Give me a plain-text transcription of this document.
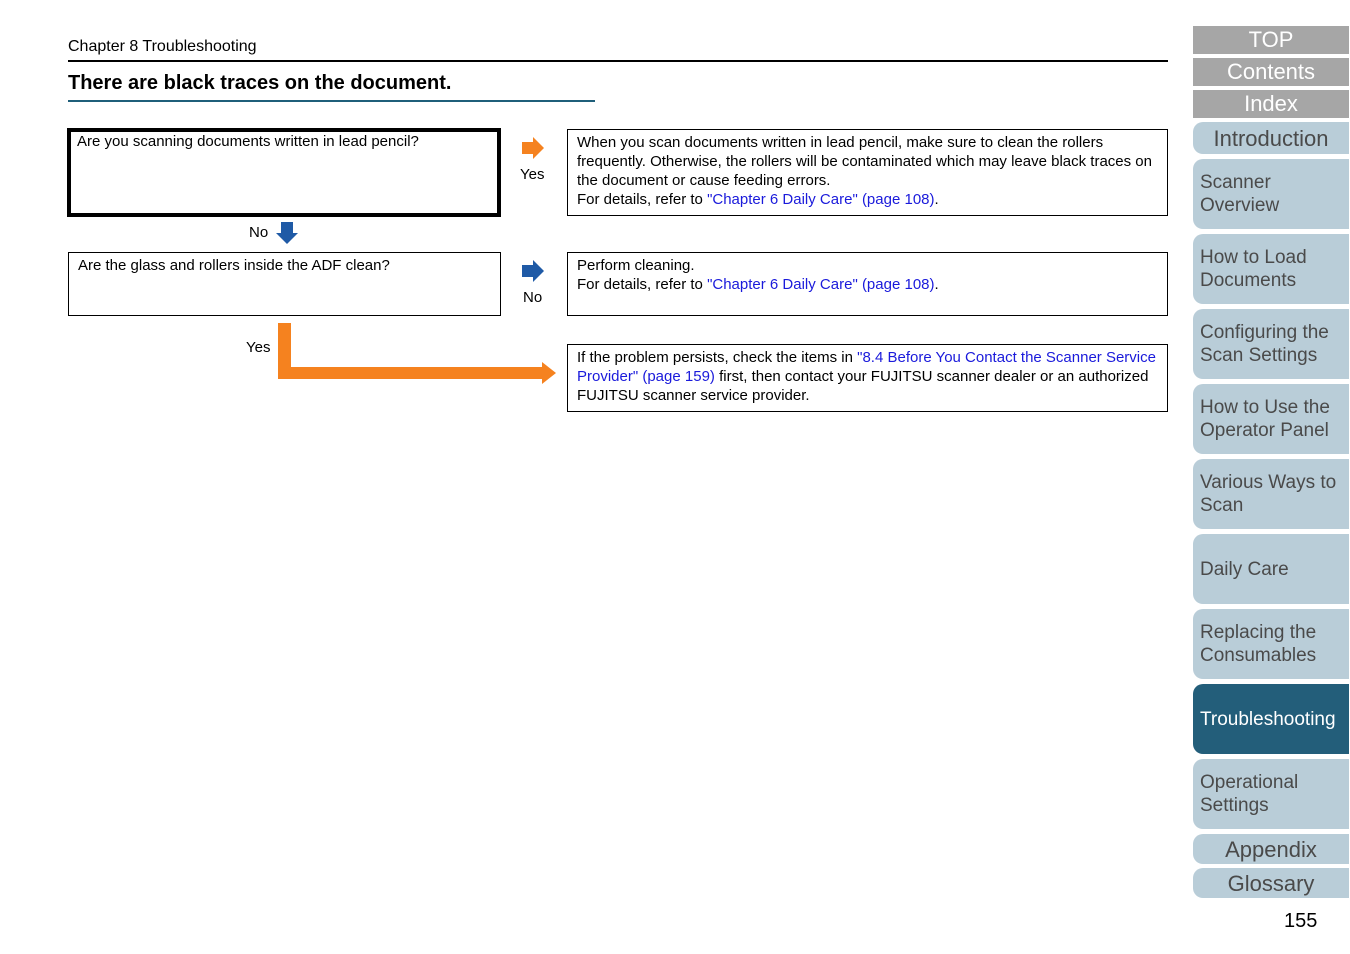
Chapter 8 Troubleshooting
There are black traces on the document.
Are you scanning documents written in lead pencil?
Yes
When you scan documents written in lead pencil, make sure to clean the rollers frequently. Otherwise, the rollers will be contaminated which may leave black traces on the document or cause feeding errors.
For details, refer to "Chapter 6 Daily Care" (page 108).
No
Are the glass and rollers inside the ADF clean?
No
Perform cleaning.
For details, refer to "Chapter 6 Daily Care" (page 108).
Yes
If the problem persists, check the items in "8.4 Before You Contact the Scanner Service Provider" (page 159) first, then contact your FUJITSU scanner dealer or an authorized FUJITSU scanner service provider.
TOP
Contents
Index
Introduction
Scanner Overview
How to Load Documents
Configuring the Scan Settings
How to Use the Operator Panel
Various Ways to Scan
Daily Care
Replacing the Consumables
Troubleshooting
Operational Settings
Appendix
Glossary
155
